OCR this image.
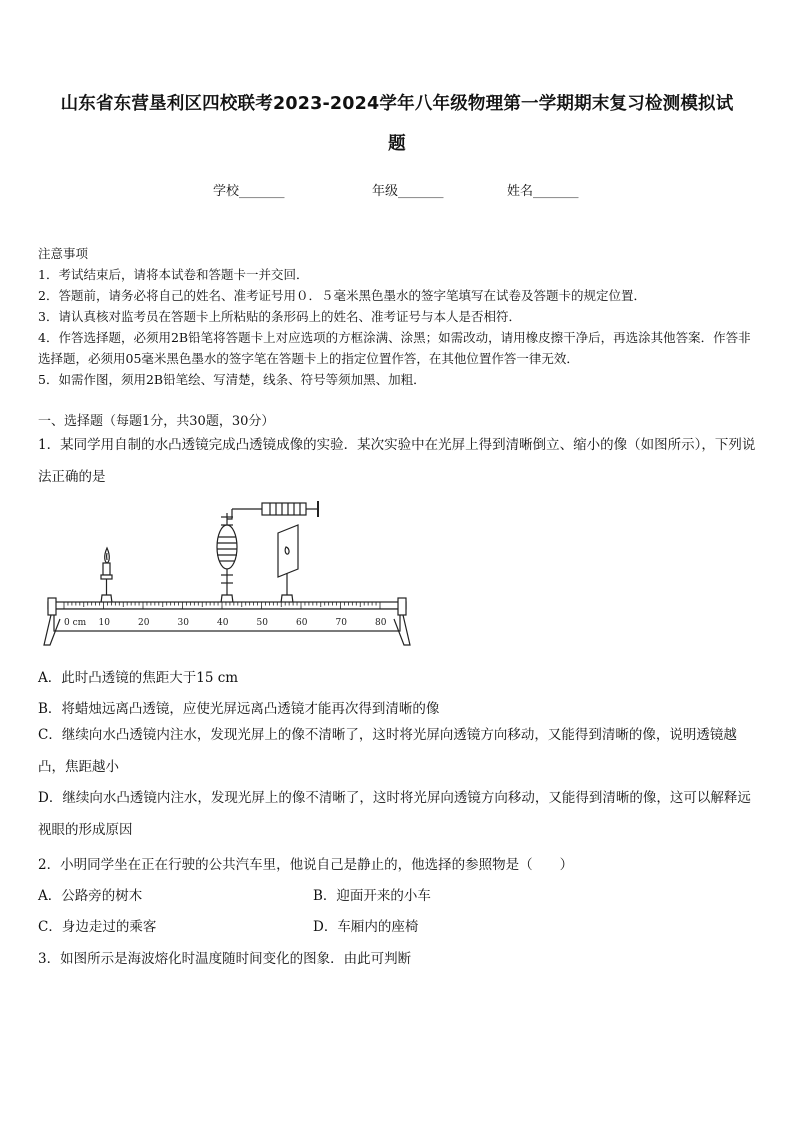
山东省东营垦利区四校联考2023-2024学年八年级物理第一学期期末复习检测模拟试
题
学校_______	年级_______	姓名_______
注意事项
1．考试结束后，请将本试卷和答题卡一并交回．
2．答题前，请务必将自己的姓名、准考证号用０．５毫米黑色墨水的签字笔填写在试卷及答题卡的规定位置．
3．请认真核对监考员在答题卡上所粘贴的条形码上的姓名、准考证号与本人是否相符．
4．作答选择题，必须用2B铅笔将答题卡上对应选项的方框涂满、涂黑；如需改动，请用橡皮擦干净后，再选涂其他答案．作答非选择题，必须用05毫米黑色墨水的签字笔在答题卡上的指定位置作答，在其他位置作答一律无效．
5．如需作图，须用2B铅笔绘、写清楚，线条、符号等须加黑、加粗．
一、选择题（每题1分，共30题，30分）
1．某同学用自制的水凸透镜完成凸透镜成像的实验．某次实验中在光屏上得到清晰倒立、缩小的像（如图所示），下列说法正确的是
0 cm 10	20	30	40	50	60	70	80
A．此时凸透镜的焦距大于15 cm
B．将蜡烛远离凸透镜，应使光屏远离凸透镜才能再次得到清晰的像
C．继续向水凸透镜内注水，发现光屏上的像不清晰了，这时将光屏向透镜方向移动，又能得到清晰的像，说明透镜越凸，焦距越小
D．继续向水凸透镜内注水，发现光屏上的像不清晰了，这时将光屏向透镜方向移动，又能得到清晰的像，这可以解释远视眼的形成原因
2．小明同学坐在正在行驶的公共汽车里，他说自己是静止的，他选择的参照物是（　　）
A．公路旁的树木	B．迎面开来的小车
C．身边走过的乘客	D．车厢内的座椅
3．如图所示是海波熔化时温度随时间变化的图象．由此可判断
